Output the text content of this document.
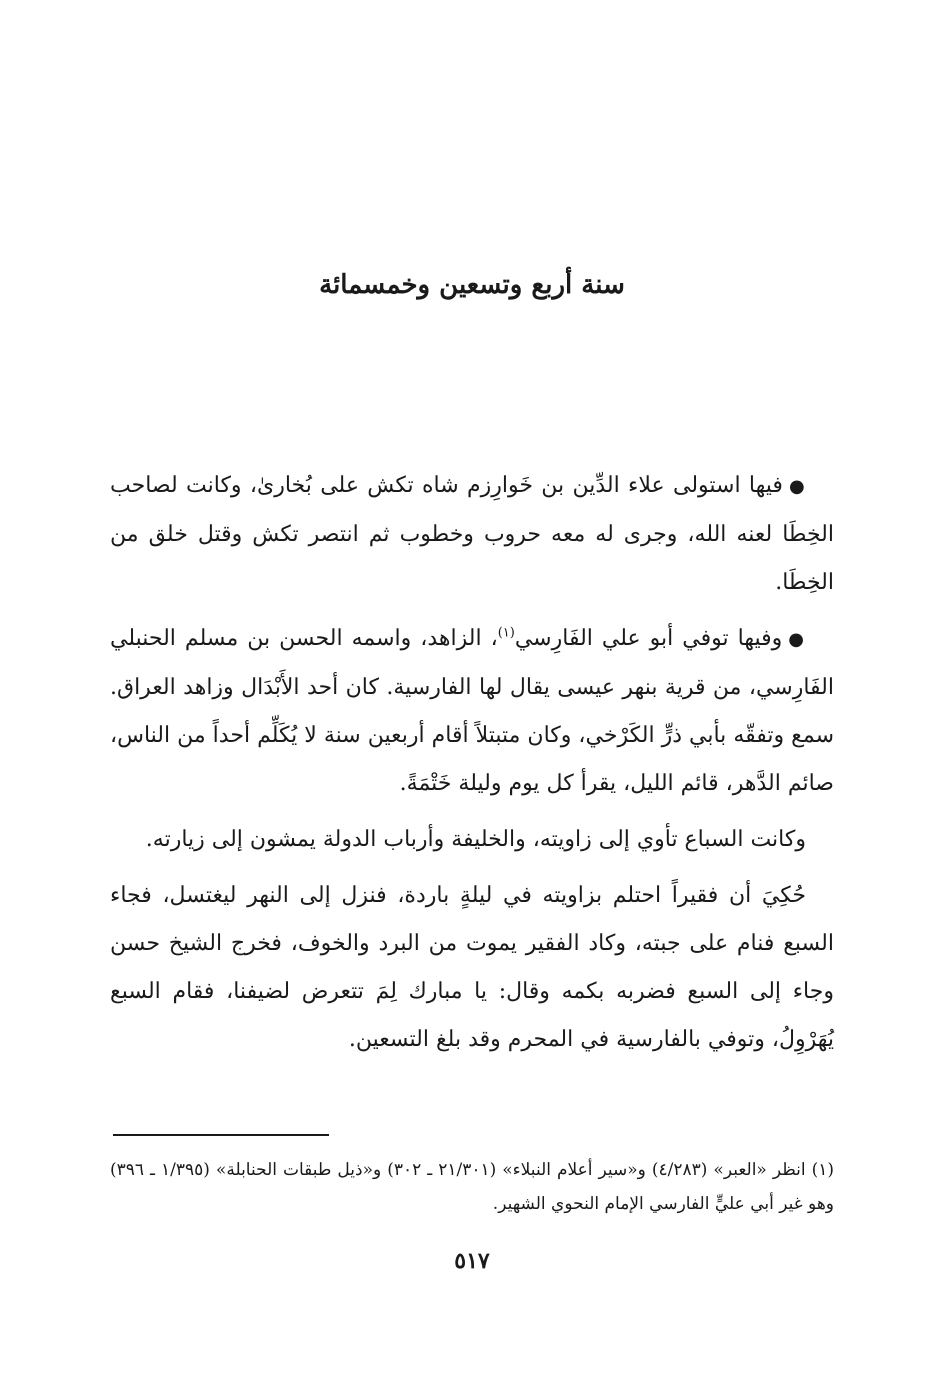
سنة أربع وتسعين وخمسمائة

●فيها استولى علاء الدِّين بن خَوارِزم شاه تكش على بُخارىٰ، وكانت لصاحب الخِطَا لعنه الله، وجرى له معه حروب وخطوب ثم انتصر تكش وقتل خلق من الخِطَا.

●وفيها توفي أبو علي الفَارِسي$^{(١)}$، الزاهد، واسمه الحسن بن مسلم الحنبلي الفَارِسي، من قرية بنهر عيسى يقال لها الفارسية. كان أحد الأَبْدَال وزاهد العراق. سمع وتفقّه بأبي ذرٍّ الكَرْخي، وكان متبتلاً أقام أربعين سنة لا يُكَلِّم أحداً من الناس، صائم الدَّهر، قائم الليل، يقرأ كل يوم وليلة خَتْمَةً.

وكانت السباع تأوي إلى زاويته، والخليفة وأرباب الدولة يمشون إلى زيارته.

حُكِيَ أن فقيراً احتلم بزاويته في ليلةٍ باردة، فنزل إلى النهر ليغتسل، فجاء السبع فنام على جبته، وكاد الفقير يموت من البرد والخوف، فخرج الشيخ حسن وجاء إلى السبع فضربه بكمه وقال: يا مبارك لِمَ تتعرض لضيفنا، فقام السبع يُهَرْوِلُ، وتوفي بالفارسية في المحرم وقد بلغ التسعين.

(١) انظر «العبر» (٤/٢٨٣) و«سير أعلام النبلاء» (٢١/٣٠١ ـ ٣٠٢) و«ذيل طبقات الحنابلة» (١/٣٩٥ ـ ٣٩٦) وهو غير أبي عليٍّ الفارسي الإمام النحوي الشهير.

٥١٧
